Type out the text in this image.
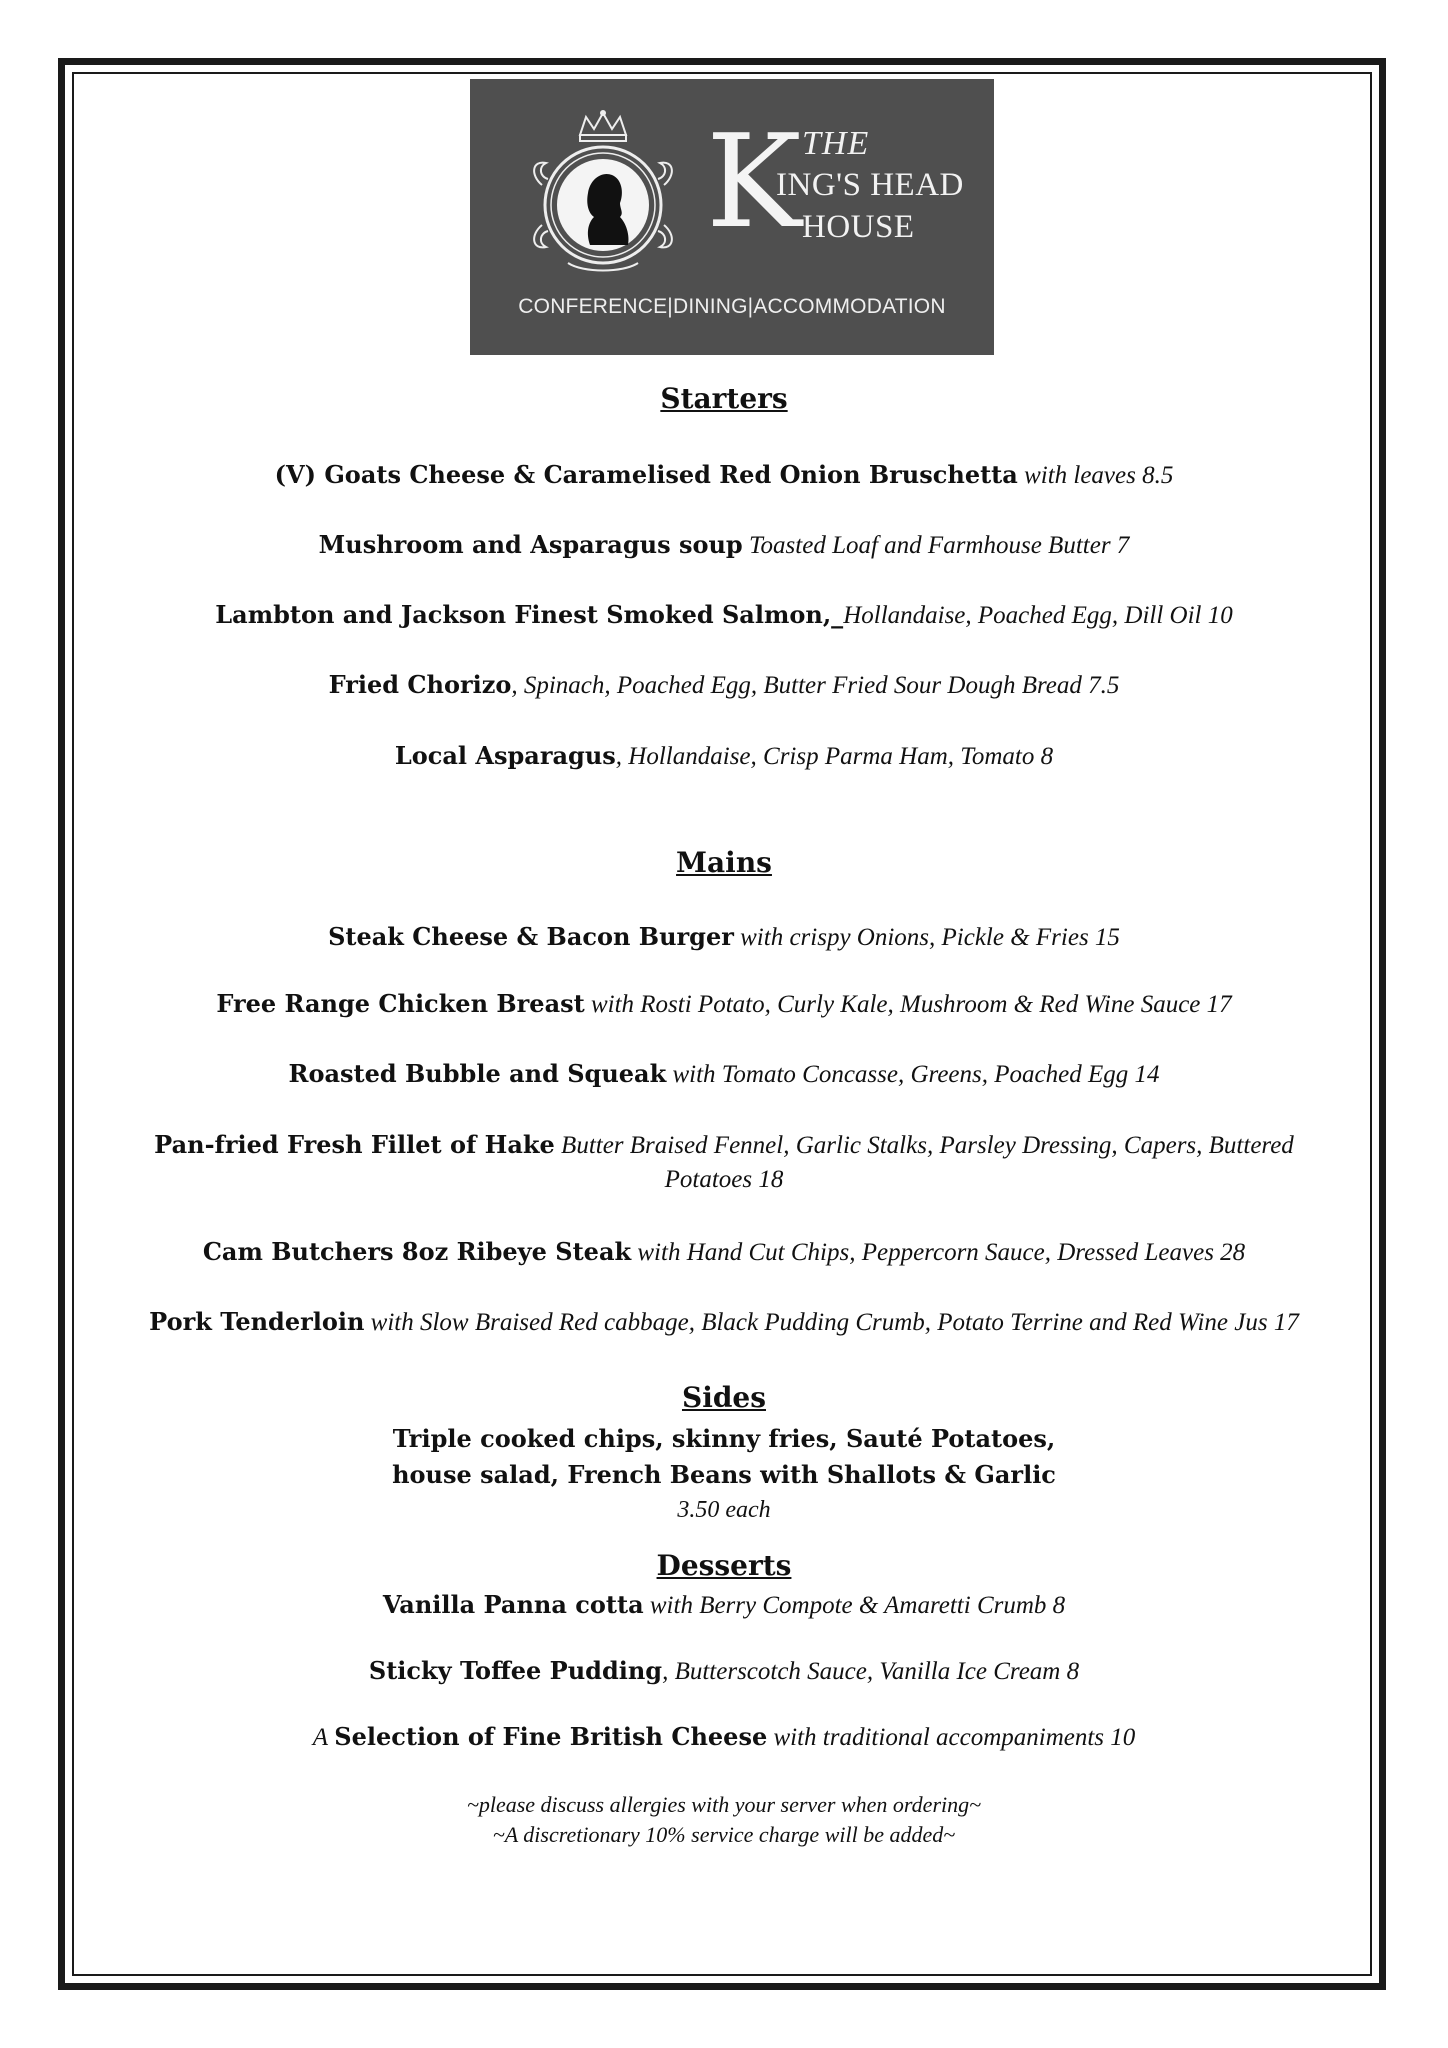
K THE
ING'S HEAD
HOUSE
CONFERENCE|DINING|ACCOMMODATION
Starters
(V) Goats Cheese & Caramelised Red Onion Bruschetta with leaves 8.5
Mushroom and Asparagus soup Toasted Loaf and Farmhouse Butter 7
Lambton and Jackson Finest Smoked Salmon,_Hollandaise, Poached Egg, Dill Oil 10
Fried Chorizo, Spinach, Poached Egg, Butter Fried Sour Dough Bread 7.5
Local Asparagus, Hollandaise, Crisp Parma Ham, Tomato 8
Mains
Steak Cheese & Bacon Burger with crispy Onions, Pickle & Fries 15
Free Range Chicken Breast with Rosti Potato, Curly Kale, Mushroom & Red Wine Sauce 17
Roasted Bubble and Squeak with Tomato Concasse, Greens, Poached Egg 14
Pan-fried Fresh Fillet of Hake Butter Braised Fennel, Garlic Stalks, Parsley Dressing, Capers, Buttered Potatoes 18
Cam Butchers 8oz Ribeye Steak with Hand Cut Chips, Peppercorn Sauce, Dressed Leaves 28
Pork Tenderloin with Slow Braised Red cabbage, Black Pudding Crumb, Potato Terrine and Red Wine Jus 17
Sides
Triple cooked chips, skinny fries, Sauté Potatoes,
house salad, French Beans with Shallots & Garlic
3.50 each
Desserts
Vanilla Panna cotta with Berry Compote & Amaretti Crumb 8
Sticky Toffee Pudding, Butterscotch Sauce, Vanilla Ice Cream 8
A Selection of Fine British Cheese with traditional accompaniments 10
~please discuss allergies with your server when ordering~
~A discretionary 10% service charge will be added~
